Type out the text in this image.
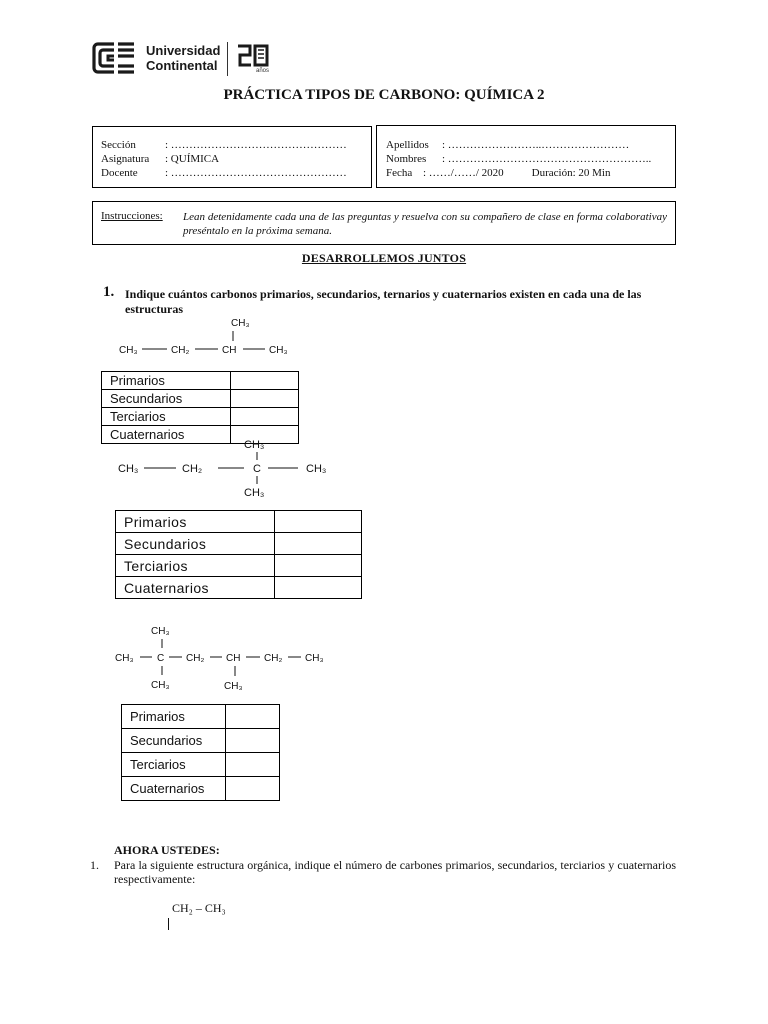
Universidad
Continental	años
PRÁCTICA TIPOS DE CARBONO: QUÍMICA 2
Sección	: …………………………………………
Asignatura : QUÍMICA
Docente : …………………………………………
Apellidos : ……………………..……………………
Nombres : ………………………………………………..
Fecha : ……/……/ 2020	Duración: 20 Min
Instrucciones: Lean detenidamente cada una de las preguntas y resuelva con su compañero de clase en forma colaborativay preséntalo en la próxima semana.
DESARROLLEMOS JUNTOS
1. Indique cuántos carbonos primarios, secundarios, ternarios y cuaternarios existen en cada una de las estructuras
CH₃
CH₃	CH₂	CH	CH₃
Primarios	
Secundarios	
Terciarios	
Cuaternarios	
CH₃
CH₃	CH₂	C	CH₃
CH₃
Primarios	
Secundarios	
Terciarios	
Cuaternarios	
CH₃
CH₃ C CH₂ CH CH₂ CH₃
CH₃	CH₃
Primarios	
Secundarios	
Terciarios	
Cuaternarios	
AHORA USTEDES:
1. Para la siguiente estructura orgánica, indique el número de carbones primarios, secundarios, terciarios y cuaternarios respectivamente:
CH₂ – CH₃
